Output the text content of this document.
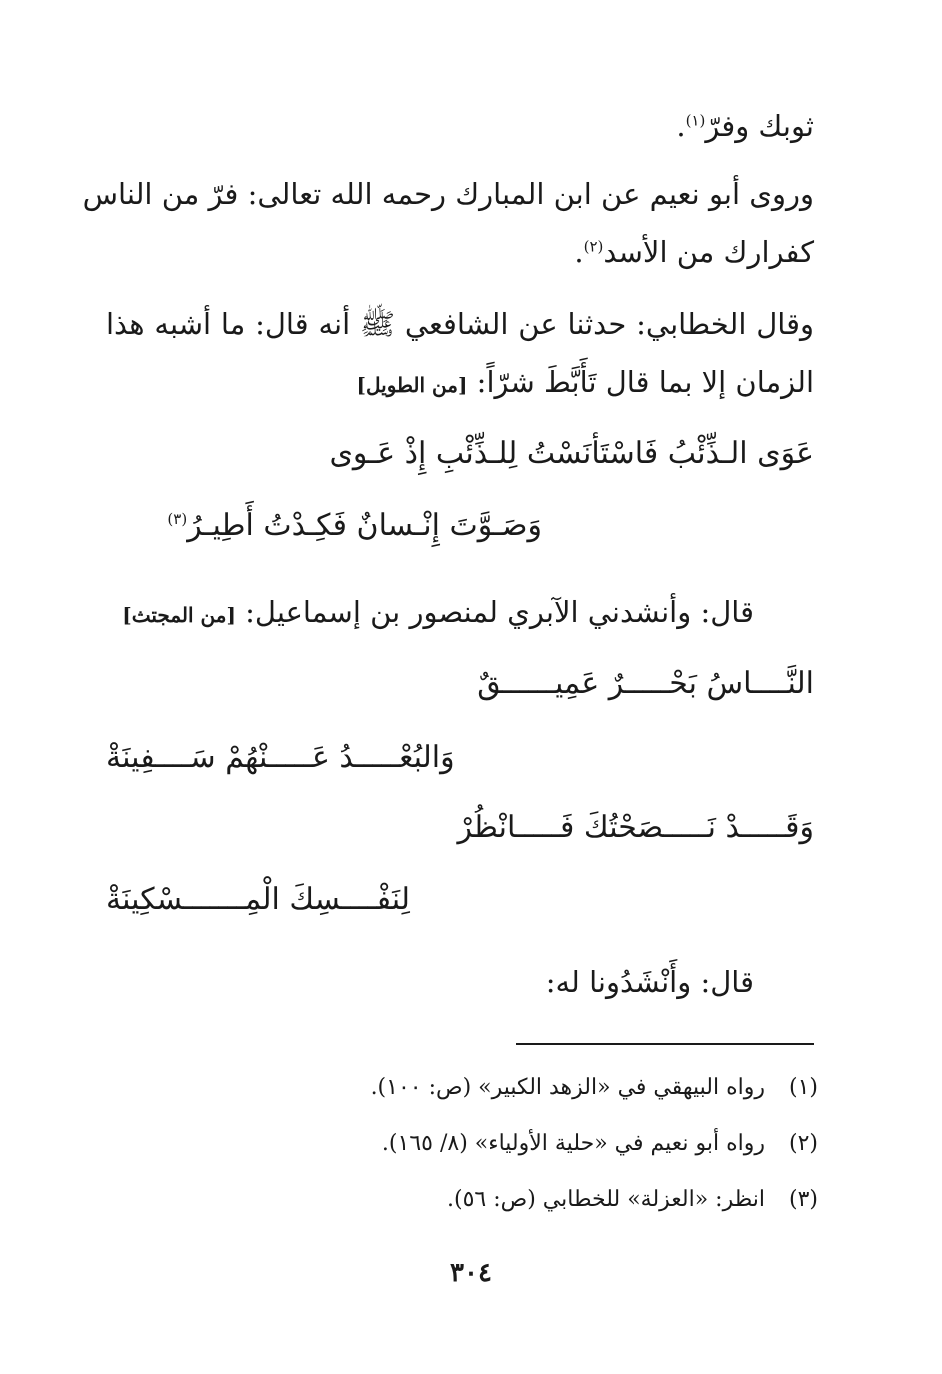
ثوبك وفرّ$^{(١)}$.
وروى أبو نعيم عن ابن المبارك رحمه الله تعالى: فرّ من الناس
كفرارك من الأسد$^{(٢)}$.
وقال الخطابي: حدثنا عن الشافعي ﷺ أنه قال: ما أشبه هذا
الزمان إلا بما قال تَأَبَّطَ شرّاً: [من الطويل]
عَوَى الـذِّئْبُ فَاسْتَأنَسْتُ لِلـذِّئْبِ إِذْ عَـوى
وَصَـوَّتَ إِنْـسانٌ فَكِـدْتُ أَطِيـرُ$^{(٣)}$
قال: وأنشدني الآبري لمنصور بن إسماعيل: [من المجتث]
النَّــــاسُ بَحْـــــرٌ عَمِيــــــقٌ
وَالبُعْـــــدُ عَـــــنْهُمْ سَــــفِينَةْ
وَقَـــــدْ نَـــــصَحْتُكَ فَـــــانْظُرْ
لِنَفْــــسِكَ الْمِـــــــسْكِينَةْ
قال: وأَنْشَدُونا له:
(١) رواه البيهقي في «الزهد الكبير» (ص: ١٠٠).
(٢) رواه أبو نعيم في «حلية الأولياء» (٨/ ١٦٥).
(٣) انظر: «العزلة» للخطابي (ص: ٥٦).
٣٠٤
